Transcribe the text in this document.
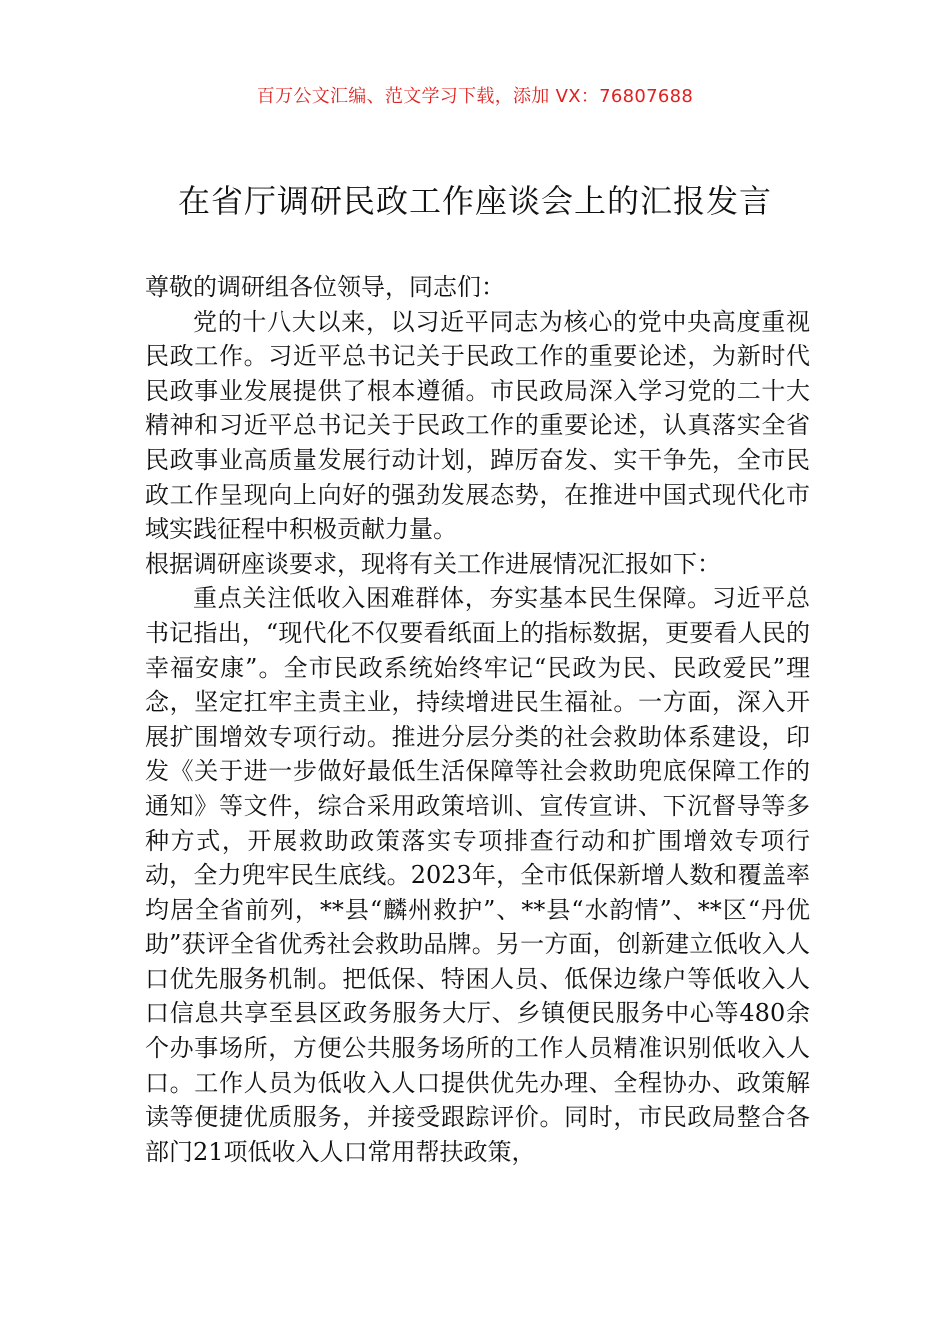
百万公文汇编、范文学习下载，添加 VX：76807688
在省厅调研民政工作座谈会上的汇报发言

尊敬的调研组各位领导，同志们：

党的十八大以来，以习近平同志为核心的党中央高度重视民政工作。习近平总书记关于民政工作的重要论述，为新时代民政事业发展提供了根本遵循。市民政局深入学习党的二十大精神和习近平总书记关于民政工作的重要论述，认真落实全省民政事业高质量发展行动计划，踔厉奋发、实干争先，全市民政工作呈现向上向好的强劲发展态势，在推进中国式现代化市域实践征程中积极贡献力量。

根据调研座谈要求，现将有关工作进展情况汇报如下：

重点关注低收入困难群体，夯实基本民生保障。习近平总书记指出，“现代化不仅要看纸面上的指标数据，更要看人民的幸福安康”。全市民政系统始终牢记“民政为民、民政爱民”理念，坚定扛牢主责主业，持续增进民生福祉。一方面，深入开展扩围增效专项行动。推进分层分类的社会救助体系建设，印发《关于进一步做好最低生活保障等社会救助兜底保障工作的通知》等文件，综合采用政策培训、宣传宣讲、下沉督导等多种方式，开展救助政策落实专项排查行动和扩围增效专项行动，全力兜牢民生底线。2023年，全市低保新增人数和覆盖率均居全省前列，**县“麟州救护”、**县“水韵情”、**区“丹优助”获评全省优秀社会救助品牌。另一方面，创新建立低收入人口优先服务机制。把低保、特困人员、低保边缘户等低收入人口信息共享至县区政务服务大厅、乡镇便民服务中心等480余个办事场所，方便公共服务场所的工作人员精准识别低收入人口。工作人员为低收入人口提供优先办理、全程协办、政策解读等便捷优质服务，并接受跟踪评价。同时，市民政局整合各部门21项低收入人口常用帮扶政策，
